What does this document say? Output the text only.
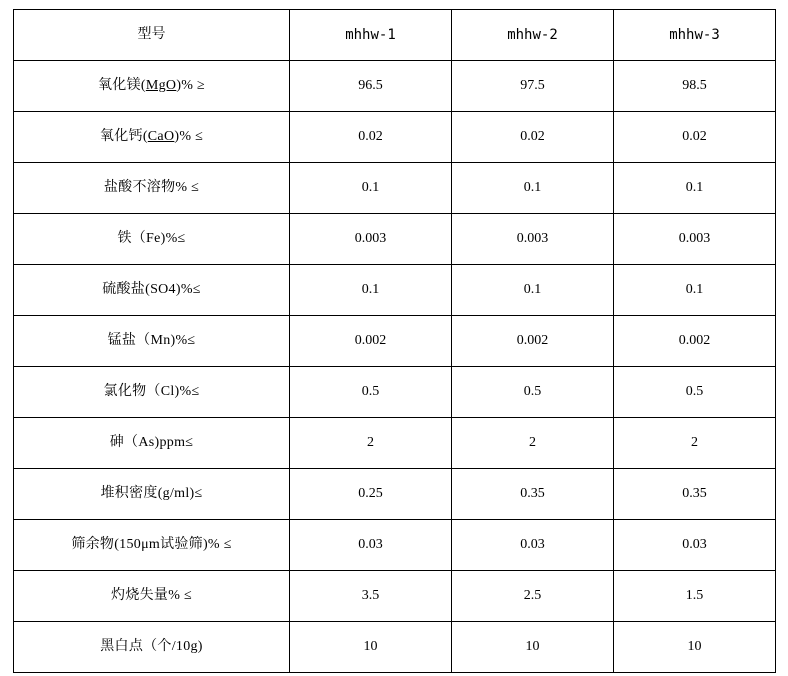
型号	mhhw-1	mhhw-2	mhhw-3
氧化镁(MgO)% ≥	96.5	97.5	98.5
氧化钙(CaO)% ≤	0.02	0.02	0.02
盐酸不溶物% ≤	0.1	0.1	0.1
铁（Fe)%≤	0.003	0.003	0.003
硫酸盐(SO4)%≤	0.1	0.1	0.1
锰盐（Mn)%≤	0.002	0.002	0.002
氯化物（Cl)%≤	0.5	0.5	0.5
砷（As)ppm≤	2	2	2
堆积密度(g/ml)≤	0.25	0.35	0.35
筛余物(150μm试验筛)% ≤	0.03	0.03	0.03
灼烧失量% ≤	3.5	2.5	1.5
黑白点（个/10g)	10	10	10
